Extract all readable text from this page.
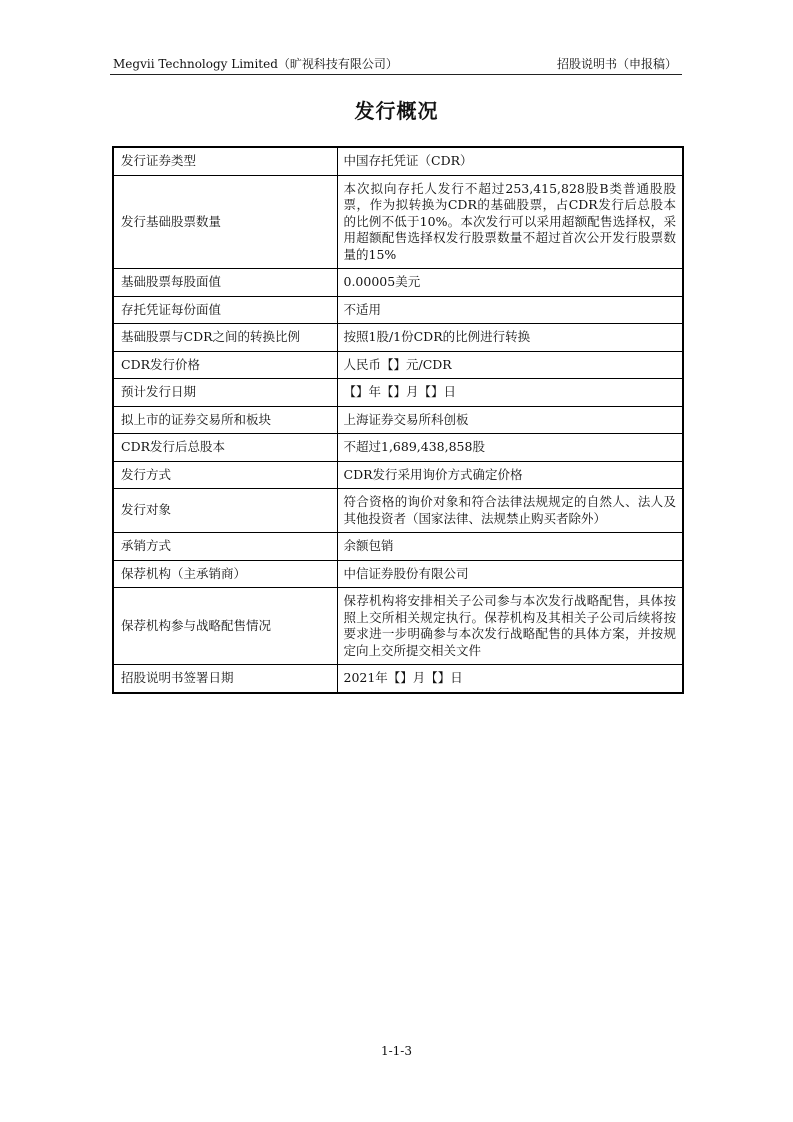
Megvii Technology Limited（旷视科技有限公司）	招股说明书（申报稿）
发行概况
发行证券类型	中国存托凭证（CDR）
发行基础股票数量	本次拟向存托人发行不超过253,415,828股B类普通股股票，作为拟转换为CDR的基础股票，占CDR发行后总股本的比例不低于10%。本次发行可以采用超额配售选择权，采用超额配售选择权发行股票数量不超过首次公开发行股票数量的15%
基础股票每股面值	0.00005美元
存托凭证每份面值	不适用
基础股票与CDR之间的转换比例	按照1股/1份CDR的比例进行转换
CDR发行价格	人民币【】元/CDR
预计发行日期	【】年【】月【】日
拟上市的证券交易所和板块	上海证券交易所科创板
CDR发行后总股本	不超过1,689,438,858股
发行方式	CDR发行采用询价方式确定价格
发行对象	符合资格的询价对象和符合法律法规规定的自然人、法人及其他投资者（国家法律、法规禁止购买者除外）
承销方式	余额包销
保荐机构（主承销商）	中信证券股份有限公司
保荐机构参与战略配售情况	保荐机构将安排相关子公司参与本次发行战略配售，具体按照上交所相关规定执行。保荐机构及其相关子公司后续将按要求进一步明确参与本次发行战略配售的具体方案，并按规定向上交所提交相关文件
招股说明书签署日期	2021年【】月【】日
1-1-3
